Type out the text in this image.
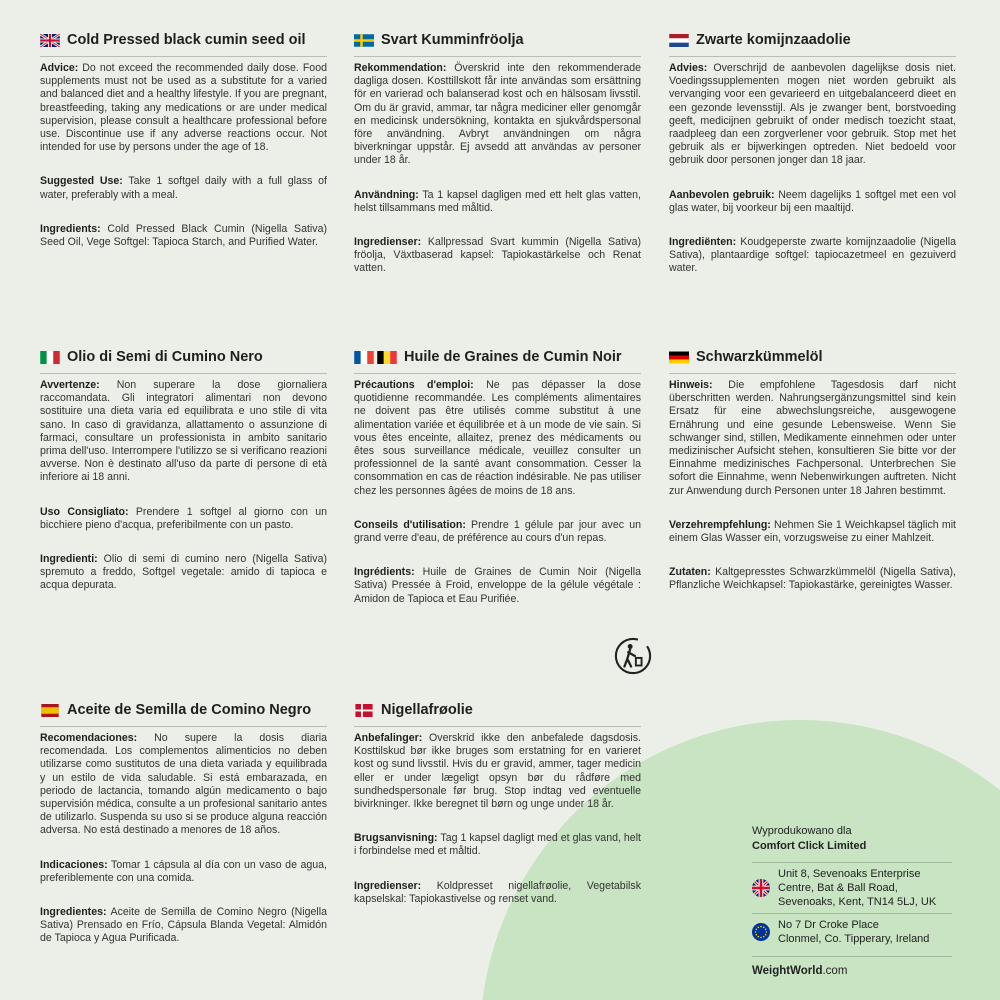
Cold Pressed black cumin seed oil

Advice: Do not exceed the recommended daily dose. Food supplements must not be used as a substitute for a varied and balanced diet and a healthy lifestyle. If you are pregnant, breastfeeding, taking any medications or are under medical supervision, please consult a healthcare professional before use. Discontinue use if any adverse reactions occur. Not intended for use by persons under the age of 18.

Suggested Use: Take 1 softgel daily with a full glass of water, preferably with a meal.

Ingredients: Cold Pressed Black Cumin (Nigella Sativa) Seed Oil, Vege Softgel: Tapioca Starch, and Purified Water.

Svart Kumminfröolja

Rekommendation: Överskrid inte den rekommenderade dagliga dosen. Kosttillskott får inte användas som ersättning för en varierad och balanserad kost och en hälsosam livsstil. Om du är gravid, ammar, tar några mediciner eller genomgår en medicinsk undersökning, kontakta en sjukvårdspersonal före användning. Avbryt användningen om några biverkningar uppstår. Ej avsedd att användas av personer under 18 år.

Användning: Ta 1 kapsel dagligen med ett helt glas vatten, helst tillsammans med måltid.

Ingredienser: Kallpressad Svart kummin (Nigella Sativa) fröolja, Växtbaserad kapsel: Tapiokastärkelse och Renat vatten.

Zwarte komijnzaadolie

Advies: Overschrijd de aanbevolen dagelijkse dosis niet. Voedingssupplementen mogen niet worden gebruikt als vervanging voor een gevarieerd en uitgebalanceerd dieet en een gezonde levensstijl. Als je zwanger bent, borstvoeding geeft, medicijnen gebruikt of onder medisch toezicht staat, raadpleeg dan een zorgverlener voor gebruik. Stop met het gebruik als er bijwerkingen optreden. Niet bedoeld voor gebruik door personen jonger dan 18 jaar.

Aanbevolen gebruik: Neem dagelijks 1 softgel met een vol glas water, bij voorkeur bij een maaltijd.

Ingrediënten: Koudgeperste zwarte komijnzaadolie (Nigella Sativa), plantaardige softgel: tapiocazetmeel en gezuiverd water.

Olio di Semi di Cumino Nero

Avvertenze: Non superare la dose giornaliera raccomandata. Gli integratori alimentari non devono sostituire una dieta varia ed equilibrata e uno stile di vita sano. In caso di gravidanza, allattamento o assunzione di farmaci, consultare un professionista in ambito sanitario prima dell'uso. Interrompere l'utilizzo se si verificano reazioni avverse. Non è destinato all'uso da parte di persone di età inferiore ai 18 anni.

Uso Consigliato: Prendere 1 softgel al giorno con un bicchiere pieno d'acqua, preferibilmente con un pasto.

Ingredienti: Olio di semi di cumino nero (Nigella Sativa) spremuto a freddo, Softgel vegetale: amido di tapioca e acqua depurata.

Huile de Graines de Cumin Noir

Précautions d'emploi: Ne pas dépasser la dose quotidienne recommandée. Les compléments alimentaires ne doivent pas être utilisés comme substitut à une alimentation variée et équilibrée et à un mode de vie sain. Si vous êtes enceinte, allaitez, prenez des médicaments ou êtes sous surveillance médicale, veuillez consulter un professionnel de la santé avant consommation. Cesser la consommation en cas de réaction indésirable. Ne pas utiliser chez les personnes âgées de moins de 18 ans.

Conseils d'utilisation: Prendre 1 gélule par jour avec un grand verre d'eau, de préférence au cours d'un repas.

Ingrédients: Huile de Graines de Cumin Noir (Nigella Sativa) Pressée à Froid, enveloppe de la gélule végétale : Amidon de Tapioca et Eau Purifiée.

Schwarzkümmelöl

Hinweis: Die empfohlene Tagesdosis darf nicht überschritten werden. Nahrungsergänzungsmittel sind kein Ersatz für eine abwechslungsreiche, ausgewogene Ernährung und eine gesunde Lebensweise. Wenn Sie schwanger sind, stillen, Medikamente einnehmen oder unter medizinischer Aufsicht stehen, konsultieren Sie bitte vor der Einnahme medizinisches Fachpersonal. Unterbrechen Sie sofort die Einnahme, wenn Nebenwirkungen auftreten. Nicht zur Anwendung durch Personen unter 18 Jahren bestimmt.

Verzehrempfehlung: Nehmen Sie 1 Weichkapsel täglich mit einem Glas Wasser ein, vorzugsweise zu einer Mahlzeit.

Zutaten: Kaltgepresstes Schwarzkümmelöl (Nigella Sativa), Pflanzliche Weichkapsel: Tapiokastärke, gereinigtes Wasser.

Aceite de Semilla de Comino Negro

Recomendaciones: No supere la dosis diaria recomendada. Los complementos alimenticios no deben utilizarse como sustitutos de una dieta variada y equilibrada y un estilo de vida saludable. Si está embarazada, en periodo de lactancia, tomando algún medicamento o bajo supervisión médica, consulte a un profesional sanitario antes de utilizarlo. Suspenda su uso si se produce alguna reacción adversa. No está destinado a menores de 18 años.

Indicaciones: Tomar 1 cápsula al día con un vaso de agua, preferiblemente con una comida.

Ingredientes: Aceite de Semilla de Comino Negro (Nigella Sativa) Prensado en Frío, Cápsula Blanda Vegetal: Almidón de Tapioca y Agua Purificada.

Nigellafrøolie

Anbefalinger: Overskrid ikke den anbefalede dagsdosis. Kosttilskud bør ikke bruges som erstatning for en varieret kost og sund livsstil. Hvis du er gravid, ammer, tager medicin eller er under lægeligt opsyn bør du rådføre med sundhedspersonale før brug. Stop indtag ved eventuelle bivirkninger. Ikke beregnet til børn og unge under 18 år.

Brugsanvisning: Tag 1 kapsel dagligt med et glas vand, helt i forbindelse med et måltid.

Ingredienser: Koldpresset nigellafrøolie, Vegetabilsk kapselskal: Tapiokastivelse og renset vand.

Wyprodukowano dla
Comfort Click Limited
Unit 8, Sevenoaks Enterprise
Centre, Bat & Ball Road,
Sevenoaks, Kent, TN14 5LJ, UK
No 7 Dr Croke Place
Clonmel, Co. Tipperary, Ireland
WeightWorld.com
